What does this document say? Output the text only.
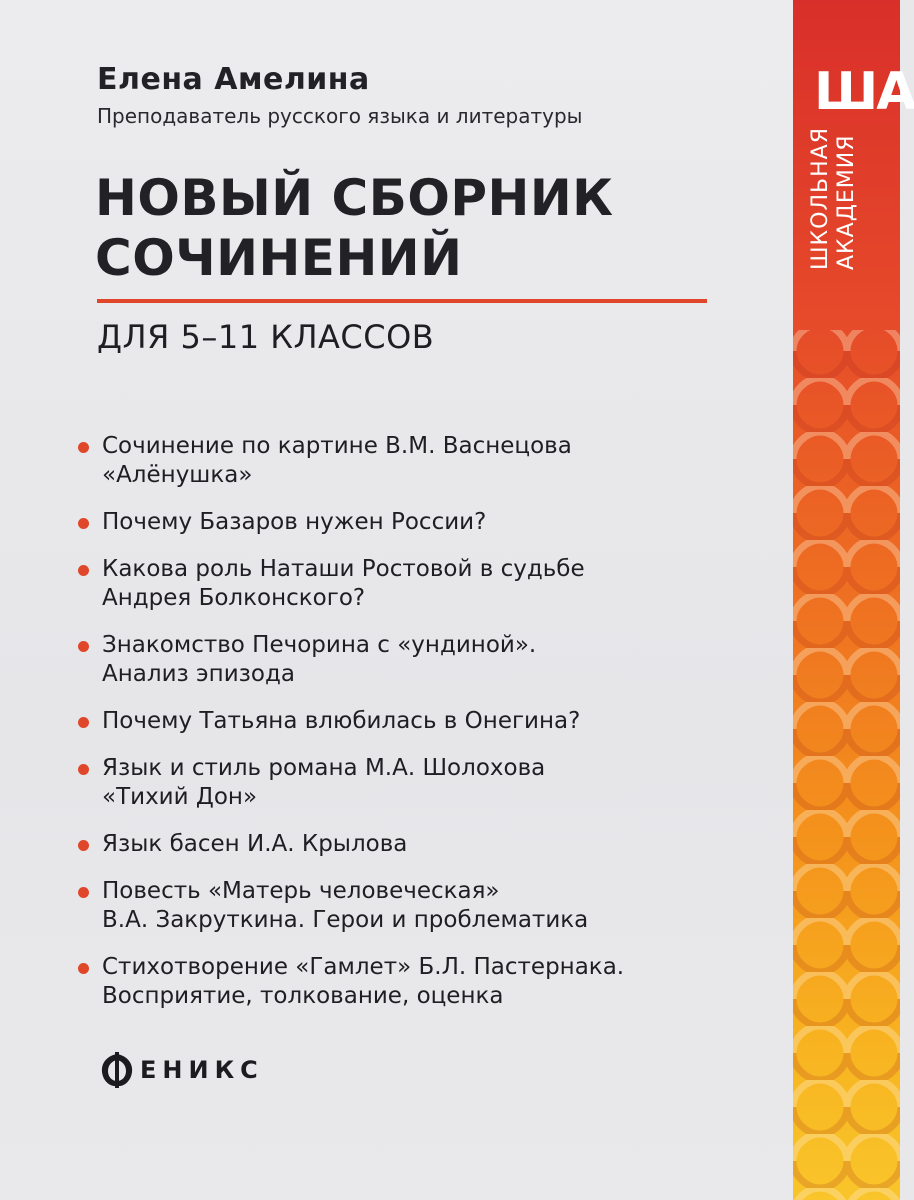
Елена Амелина
Преподаватель русского языка и литературы
НОВЫЙ СБОРНИК
СОЧИНЕНИЙ
ДЛЯ 5–11 КЛАССОВ
Сочинение по картине В.М. Васнецова
«Алёнушка»
Почему Базаров нужен России?
Какова роль Наташи Ростовой в судьбе
Андрея Болконского?
Знакомство Печорина с «ундиной».
Анализ эпизода
Почему Татьяна влюбилась в Онегина?
Язык и стиль романа М.А. Шолохова
«Тихий Дон»
Язык басен И.А. Крылова
Повесть «Матерь человеческая»
В.А. Закруткина. Герои и проблематика
Стихотворение «Гамлет» Б.Л. Пастернака.
Восприятие, толкование, оценка
ЕНИКС
ША
ШКОЛЬНАЯ АКАДЕМИЯ
